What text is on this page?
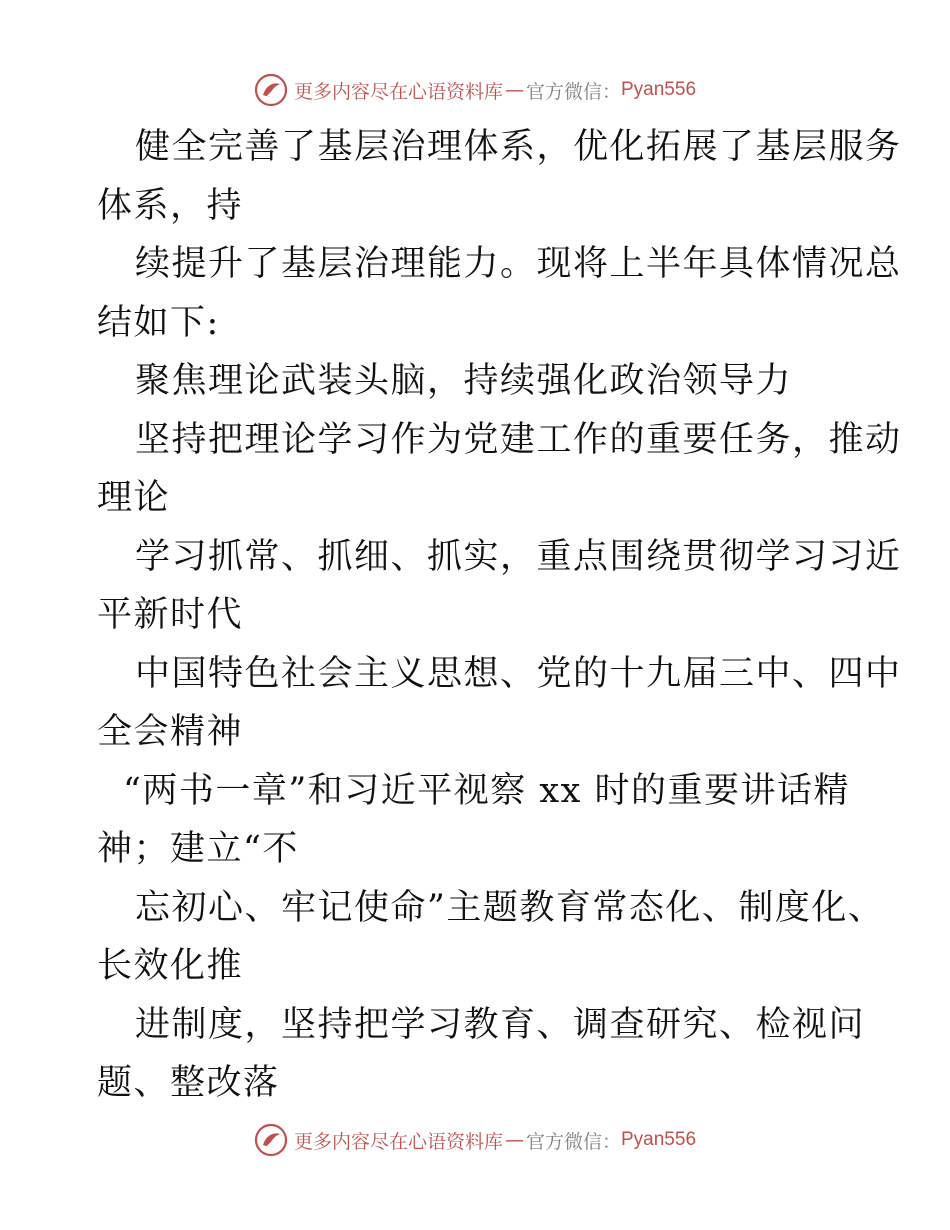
更多内容尽在心语资料库 — 官方微信： Pyan556
健全完善了基层治理体系，优化拓展了基层服务
体系，持
续提升了基层治理能力。现将上半年具体情况总
结如下:
聚焦理论武装头脑，持续强化政治领导力
坚持把理论学习作为党建工作的重要任务，推动
理论
学习抓常、抓细、抓实，重点围绕贯彻学习习近
平新时代
中国特色社会主义思想、党的十九届三中、四中
全会精神
“两书一章”和习近平视察 xx 时的重要讲话精
神；建立“不
忘初心、牢记使命”主题教育常态化、制度化、
长效化推
进制度，坚持把学习教育、调查研究、检视问
题、整改落
更多内容尽在心语资料库 — 官方微信： Pyan556
